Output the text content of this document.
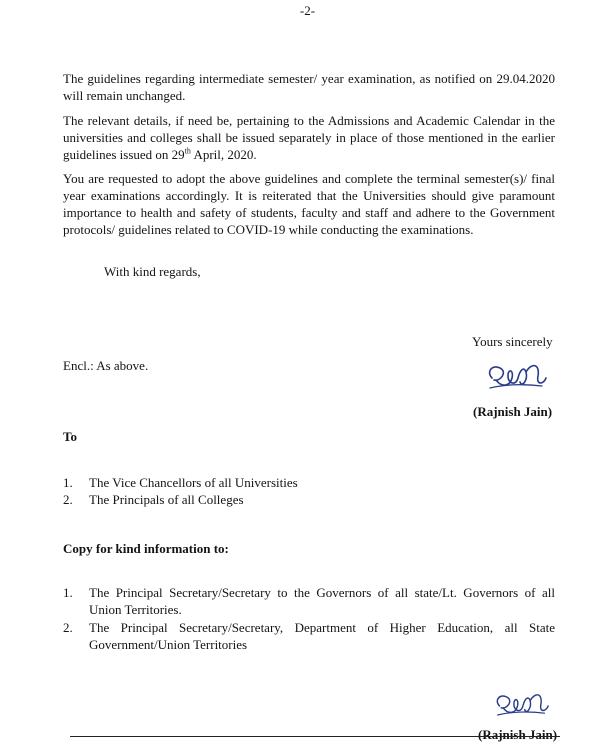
-2-
The guidelines regarding intermediate semester/ year examination, as notified on 29.04.2020 will remain unchanged.
The relevant details, if need be, pertaining to the Admissions and Academic Calendar in the universities and colleges shall be issued separately in place of those mentioned in the earlier guidelines issued on 29th April, 2020.
You are requested to adopt the above guidelines and complete the terminal semester(s)/ final year examinations accordingly. It is reiterated that the Universities should give paramount importance to health and safety of students, faculty and staff and adhere to the Government protocols/ guidelines related to COVID-19 while conducting the examinations.
With kind regards,
Yours sincerely
Encl.: As above.
(Rajnish Jain)
To
1. The Vice Chancellors of all Universities
2. The Principals of all Colleges
Copy for kind information to:
1. The Principal Secretary/Secretary to the Governors of all state/Lt. Governors of all Union Territories.
2. The Principal Secretary/Secretary, Department of Higher Education, all State Government/Union Territories
(Rajnish Jain)
